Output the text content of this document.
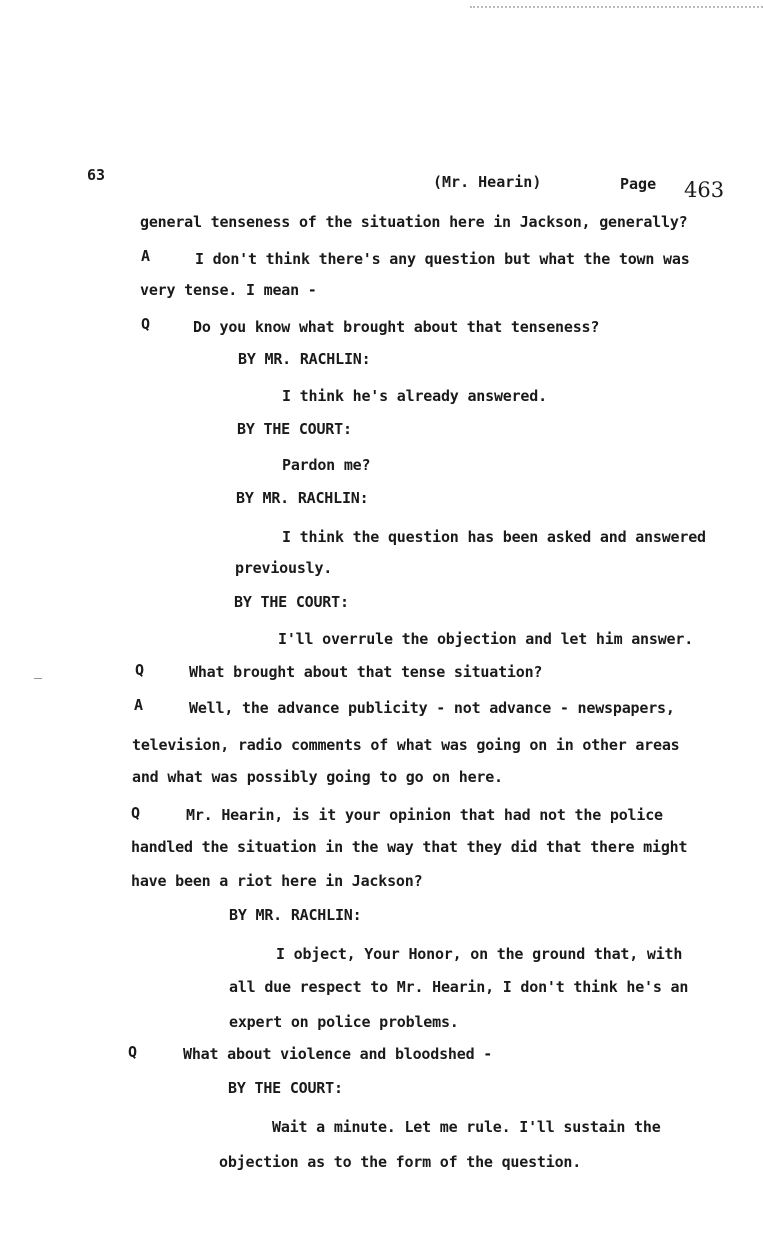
63	(Mr. Hearin)	Page 463
general tenseness of the situation here in Jackson, generally?
A	I don't think there's any question but what the town was
very tense. I mean -
Q	Do you know what brought about that tenseness?
BY MR. RACHLIN:
I think he's already answered.
BY THE COURT:
Pardon me?
BY MR. RACHLIN:
I think the question has been asked and answered
previously.
BY THE COURT:
I'll overrule the objection and let him answer.
Q	What brought about that tense situation?
A	Well, the advance publicity - not advance - newspapers,
television, radio comments of what was going on in other areas
and what was possibly going to go on here.
Q	Mr. Hearin, is it your opinion that had not the police
handled the situation in the way that they did that there might
have been a riot here in Jackson?
BY MR. RACHLIN:
I object, Your Honor, on the ground that, with
all due respect to Mr. Hearin, I don't think he's an
expert on police problems.
Q	What about violence and bloodshed -
BY THE COURT:
Wait a minute. Let me rule. I'll sustain the
objection as to the form of the question.
